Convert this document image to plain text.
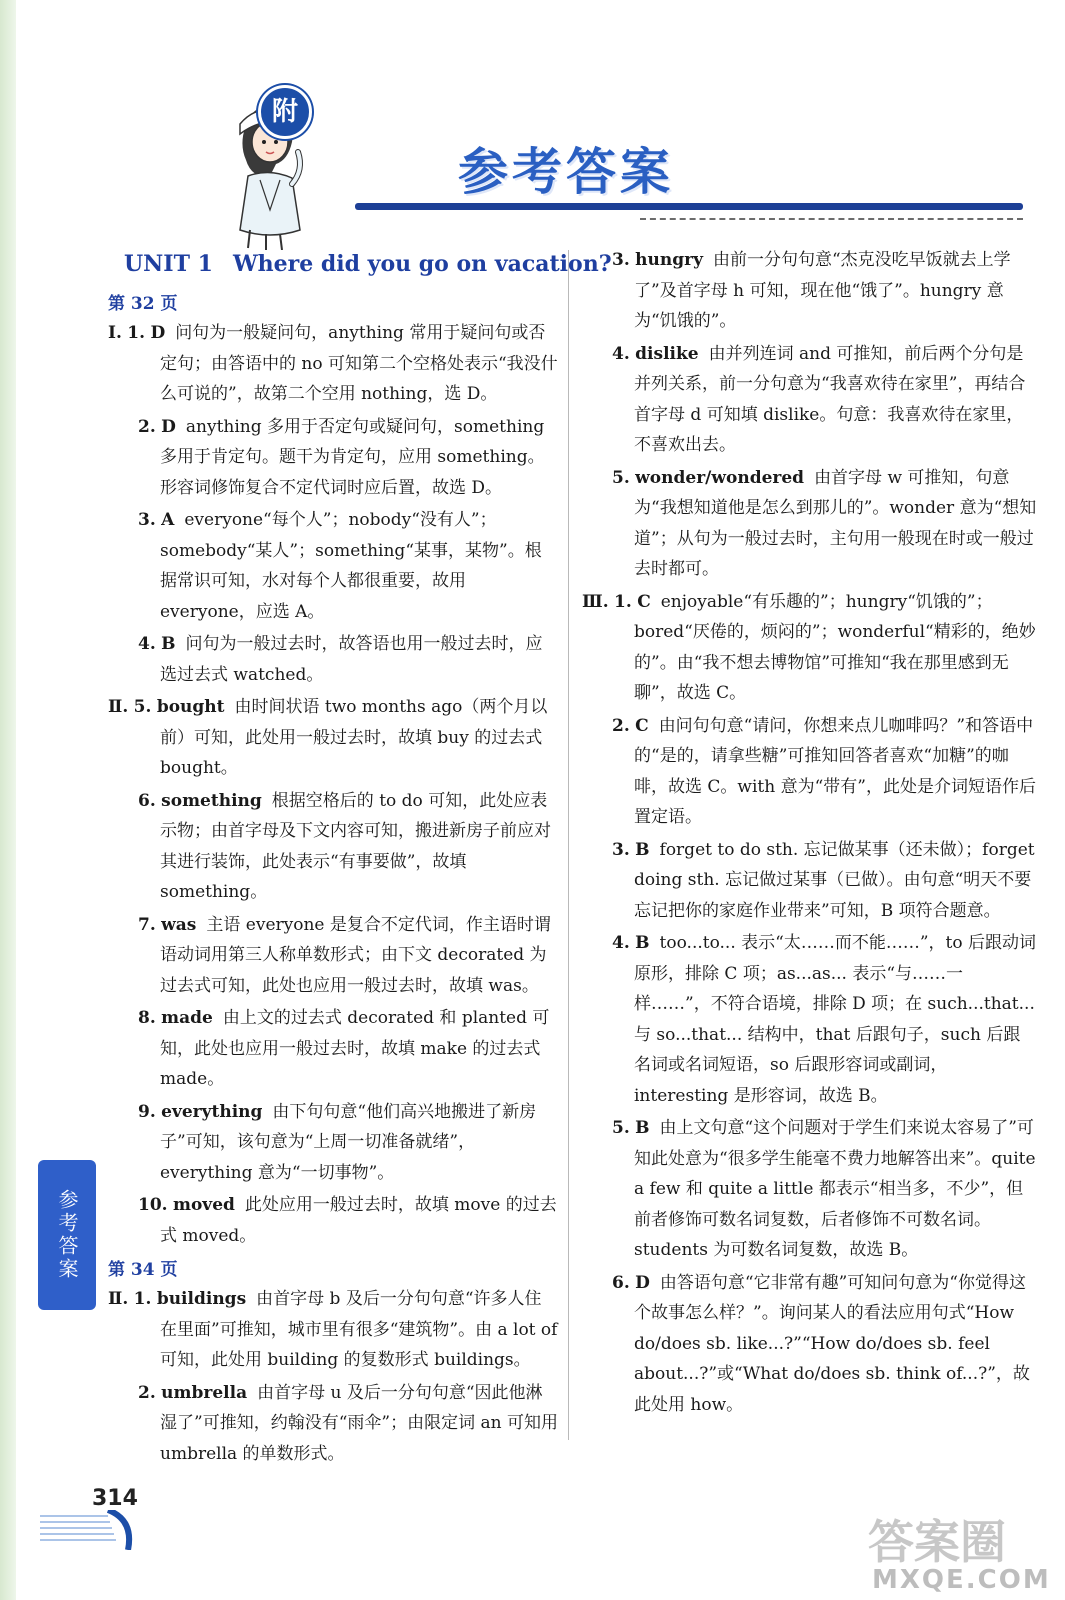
附
参考答案
UNIT 1 Where did you go on vacation?
第 32 页
Ⅰ. 1. D 问句为一般疑问句，anything 常用于疑问句或否定句；由答语中的 no 可知第二个空格处表示“我没什么可说的”，故第二个空用 nothing，选 D。
2. D anything 多用于否定句或疑问句，something 多用于肯定句。题干为肯定句，应用 something。形容词修饰复合不定代词时应后置，故选 D。
3. A everyone“每个人”；nobody“没有人”；somebody“某人”；something“某事，某物”。根据常识可知，水对每个人都很重要，故用 everyone，应选 A。
4. B 问句为一般过去时，故答语也用一般过去时，应选过去式 watched。
Ⅱ. 5. bought 由时间状语 two months ago（两个月以前）可知，此处用一般过去时，故填 buy 的过去式 bought。
6. something 根据空格后的 to do 可知，此处应表示物；由首字母及下文内容可知，搬进新房子前应对其进行装饰，此处表示“有事要做”，故填 something。
7. was 主语 everyone 是复合不定代词，作主语时谓语动词用第三人称单数形式；由下文 decorated 为过去式可知，此处也应用一般过去时，故填 was。
8. made 由上文的过去式 decorated 和 planted 可知，此处也应用一般过去时，故填 make 的过去式 made。
9. everything 由下句句意“他们高兴地搬进了新房子”可知，该句意为“上周一切准备就绪”，everything 意为“一切事物”。
10. moved 此处应用一般过去时，故填 move 的过去式 moved。
第 34 页
Ⅱ. 1. buildings 由首字母 b 及后一分句句意“许多人住在里面”可推知，城市里有很多“建筑物”。由 a lot of 可知，此处用 building 的复数形式 buildings。
2. umbrella 由首字母 u 及后一分句句意“因此他淋湿了”可推知，约翰没有“雨伞”；由限定词 an 可知用 umbrella 的单数形式。
3. hungry 由前一分句句意“杰克没吃早饭就去上学了”及首字母 h 可知，现在他“饿了”。hungry 意为“饥饿的”。
4. dislike 由并列连词 and 可推知，前后两个分句是并列关系，前一分句意为“我喜欢待在家里”，再结合首字母 d 可知填 dislike。句意：我喜欢待在家里，不喜欢出去。
5. wonder/wondered 由首字母 w 可推知，句意为“我想知道他是怎么到那儿的”。wonder 意为“想知道”；从句为一般过去时，主句用一般现在时或一般过去时都可。
Ⅲ. 1. C enjoyable“有乐趣的”；hungry“饥饿的”；bored“厌倦的，烦闷的”；wonderful“精彩的，绝妙的”。由“我不想去博物馆”可推知“我在那里感到无聊”，故选 C。
2. C 由问句句意“请问，你想来点儿咖啡吗？”和答语中的“是的，请拿些糖”可推知回答者喜欢“加糖”的咖啡，故选 C。with 意为“带有”，此处是介词短语作后置定语。
3. B forget to do sth. 忘记做某事（还未做）；forget doing sth. 忘记做过某事（已做）。由句意“明天不要忘记把你的家庭作业带来”可知，B 项符合题意。
4. B too...to... 表示“太……而不能……”，to 后跟动词原形，排除 C 项；as...as... 表示“与……一样……”，不符合语境，排除 D 项；在 such...that... 与 so...that... 结构中，that 后跟句子，such 后跟名词或名词短语，so 后跟形容词或副词，interesting 是形容词，故选 B。
5. B 由上文句意“这个问题对于学生们来说太容易了”可知此处意为“很多学生能毫不费力地解答出来”。quite a few 和 quite a little 都表示“相当多，不少”，但前者修饰可数名词复数，后者修饰不可数名词。students 为可数名词复数，故选 B。
6. D 由答语句意“它非常有趣”可知问句意为“你觉得这个故事怎么样？”。询问某人的看法应用句式“How do/does sb. like...?”“How do/does sb. feel about...?”或“What do/does sb. think of...?”，故此处用 how。
参考答案
314
答案圈
MXQE.COM
